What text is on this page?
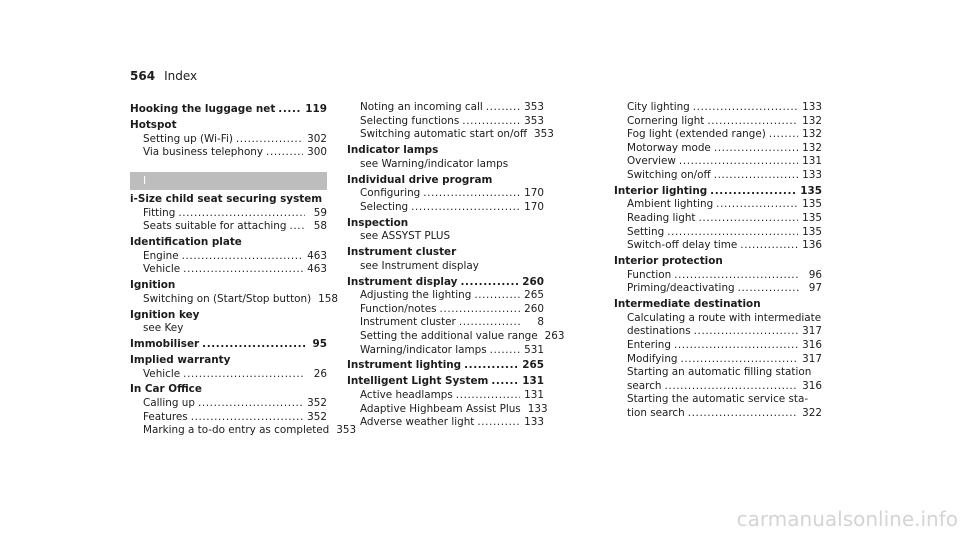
564 Index
Hooking the luggage net .....	119
Hotspot
Setting up (Wi-Fi) .....	302
Via business telephony .....	300
I
i-Size child seat securing system
Fitting .....	59
Seats suitable for attaching .....	58
Identification plate
Engine .....	463
Vehicle .....	463
Ignition
Switching on (Start/Stop button) 158
Ignition key
see Key
Immobiliser .....	95
Implied warranty
Vehicle .....	26
In Car Office
Calling up .....	352
Features .....	352
Marking a to-do entry as completed 353
Noting an incoming call .....	353
Selecting functions .....	353
Switching automatic start on/off 353
Indicator lamps
see Warning/indicator lamps
Individual drive program
Configuring .....	170
Selecting .....	170
Inspection
see ASSYST PLUS
Instrument cluster
see Instrument display
Instrument display .....	260
Adjusting the lighting .....	265
Function/notes .....	260
Instrument cluster .....	8
Setting the additional value range 263
Warning/indicator lamps .....	531
Instrument lighting .....	265
Intelligent Light System .....	131
Active headlamps .....	131
Adaptive Highbeam Assist Plus 133
Adverse weather light .....	133
City lighting .....	133
Cornering light .....	132
Fog light (extended range) .....	132
Motorway mode .....	132
Overview .....	131
Switching on/off .....	133
Interior lighting .....	135
Ambient lighting .....	135
Reading light .....	135
Setting .....	135
Switch-off delay time .....	136
Interior protection
Function .....	96
Priming/deactivating .....	97
Intermediate destination
Calculating a route with intermediate
destinations .....	317
Entering .....	316
Modifying .....	317
Starting an automatic filling station
search .....	316
Starting the automatic service sta-
tion search .....	322
carmanualsonline.info
